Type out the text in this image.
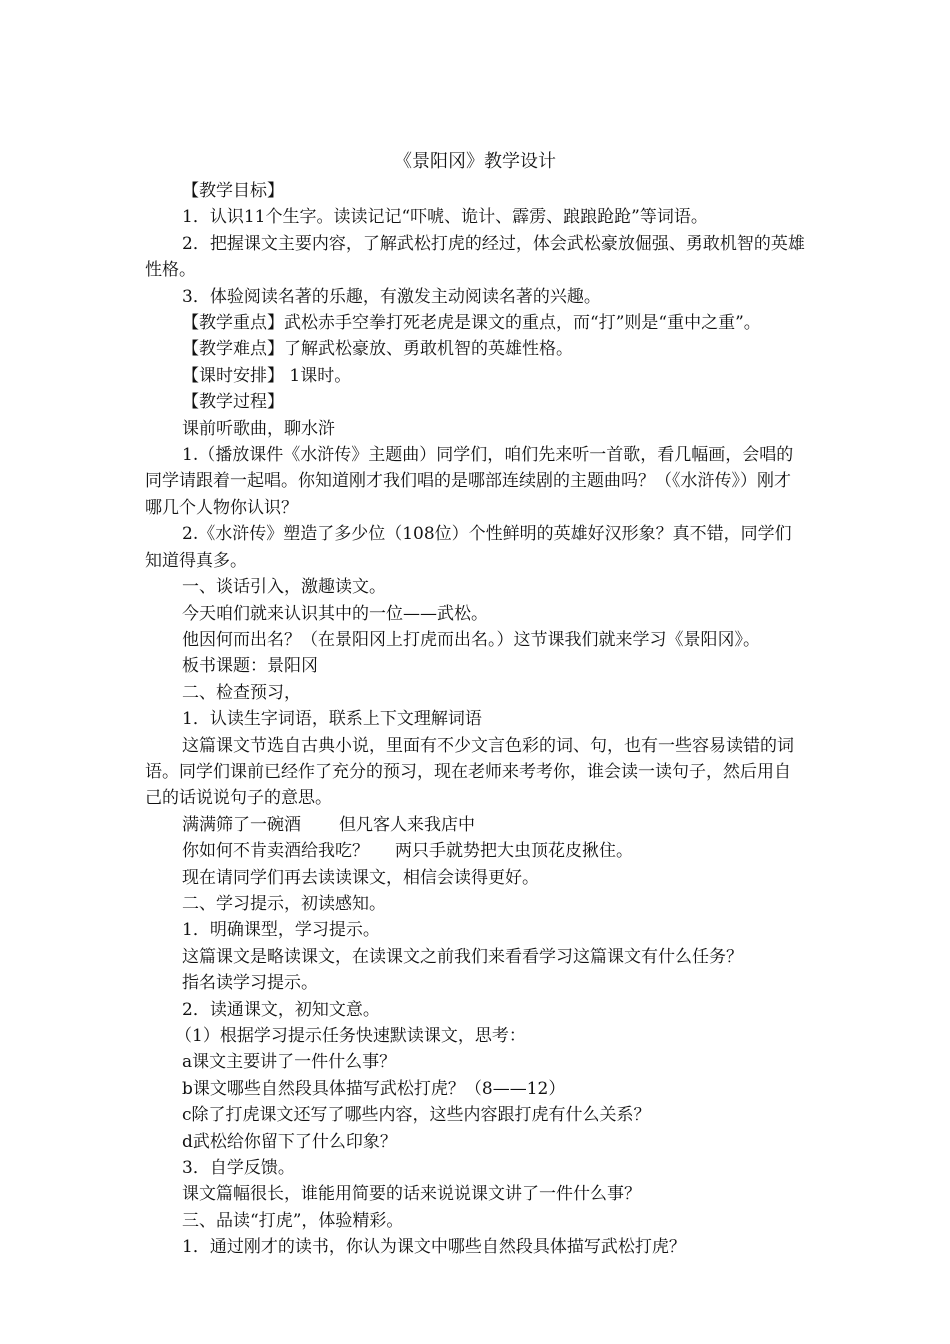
《景阳冈》教学设计

【教学目标】

1．认识11个生字。读读记记“吓唬、诡计、霹雳、踉踉跄跄”等词语。

2．把握课文主要内容，了解武松打虎的经过，体会武松豪放倔强、勇敢机智的英雄性格。

3．体验阅读名著的乐趣，有激发主动阅读名著的兴趣。

【教学重点】武松赤手空拳打死老虎是课文的重点，而“打”则是“重中之重”。

【教学难点】了解武松豪放、勇敢机智的英雄性格。

【课时安排】 1课时。

【教学过程】

课前听歌曲，聊水浒

1.（播放课件《水浒传》主题曲）同学们，咱们先来听一首歌，看几幅画，会唱的同学请跟着一起唱。你知道刚才我们唱的是哪部连续剧的主题曲吗？（《水浒传》）刚才哪几个人物你认识？

2.《水浒传》塑造了多少位（108位）个性鲜明的英雄好汉形象？真不错，同学们知道得真多。

一、谈话引入，激趣读文。

今天咱们就来认识其中的一位——武松。

他因何而出名？（在景阳冈上打虎而出名。）这节课我们就来学习《景阳冈》。

板书课题：景阳冈

二、检查预习，

1．认读生字词语，联系上下文理解词语

这篇课文节选自古典小说，里面有不少文言色彩的词、句，也有一些容易读错的词语。同学们课前已经作了充分的预习，现在老师来考考你，谁会读一读句子，然后用自己的话说说句子的意思。

满满筛了一碗酒 但凡客人来我店中

你如何不肯卖酒给我吃？ 两只手就势把大虫顶花皮揪住。

现在请同学们再去读读课文，相信会读得更好。

二、学习提示，初读感知。

1．明确课型，学习提示。

这篇课文是略读课文，在读课文之前我们来看看学习这篇课文有什么任务？

指名读学习提示。

2．读通课文，初知文意。

（1）根据学习提示任务快速默读课文，思考：

a课文主要讲了一件什么事？

b课文哪些自然段具体描写武松打虎？（8——12）

c除了打虎课文还写了哪些内容，这些内容跟打虎有什么关系？

d武松给你留下了什么印象？

3．自学反馈。

课文篇幅很长，谁能用简要的话来说说课文讲了一件什么事？

三、品读“打虎”，体验精彩。

1．通过刚才的读书，你认为课文中哪些自然段具体描写武松打虎？
